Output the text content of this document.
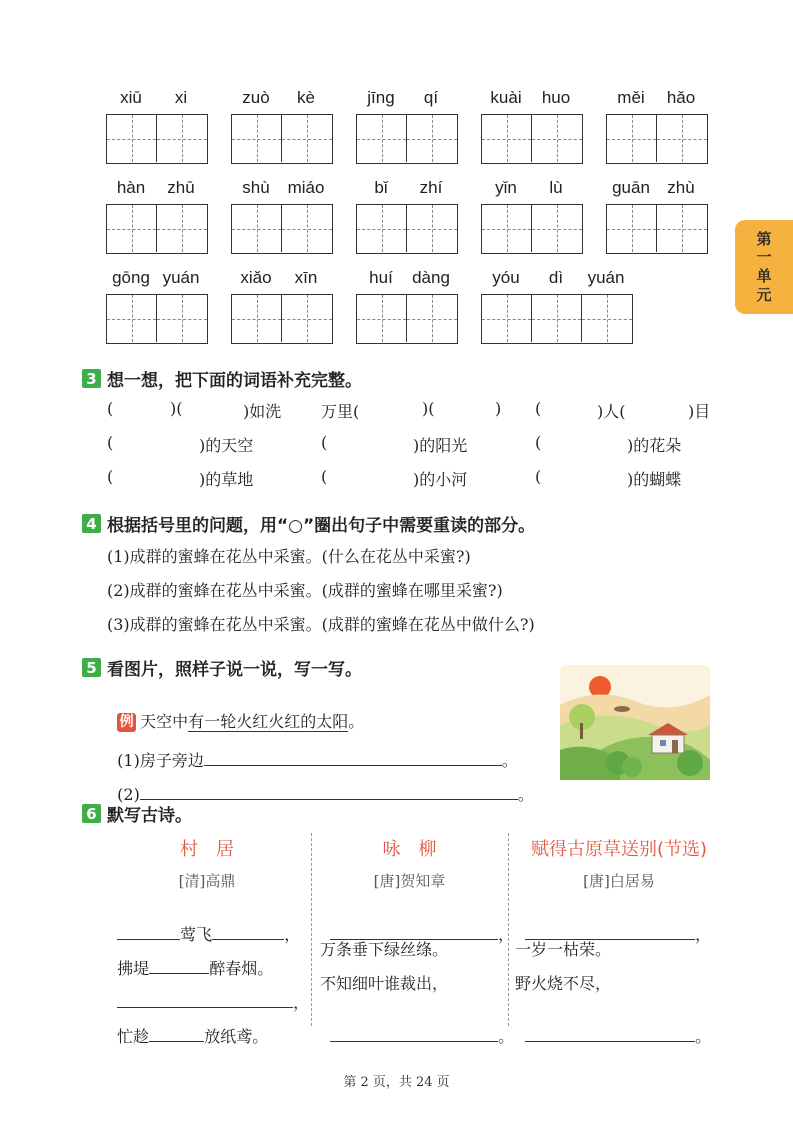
xiū	xi	zuò	kè	jīng	qí	kuài	huo	měi	hǎo
hàn	zhū	shù	miáo	bǐ	zhí	yǐn	lù	guān	zhù
gōng yuán	xiǎo	xīn	huí	dàng	yóu	dì	yuán
第
一
单
元
3 想一想，把下面的词语补充完整。
(	)(	)如洗 万里(	)(	) (	)人(	)目
(	)的天空	(	)的阳光	(	)的花朵
(	)的草地	(	)的小河	(	)的蝴蝶
4 根据括号里的问题，用“○”圈出句子中需要重读的部分。
(1)成群的蜜蜂在花丛中采蜜。(什么在花丛中采蜜?)
(2)成群的蜜蜂在花丛中采蜜。(成群的蜜蜂在哪里采蜜?)
(3)成群的蜜蜂在花丛中采蜜。(成群的蜜蜂在花丛中做什么?)
5 看图片，照样子说一说，写一写。

例 天空中有一轮火红火红的太阳。

(1)房子旁边	。

(2)	。

6 默写古诗。
村　居
[清]高鼎

莺飞	，

拂堤	醉春烟。

，

忙趁	放纸鸢。

咏　柳
[唐]贺知章

，

万条垂下绿丝绦。
不知细叶谁裁出，

。

赋得古原草送别(节选)
[唐]白居易

，

一岁一枯荣。
野火烧不尽，

。

第 2 页，共 24 页
